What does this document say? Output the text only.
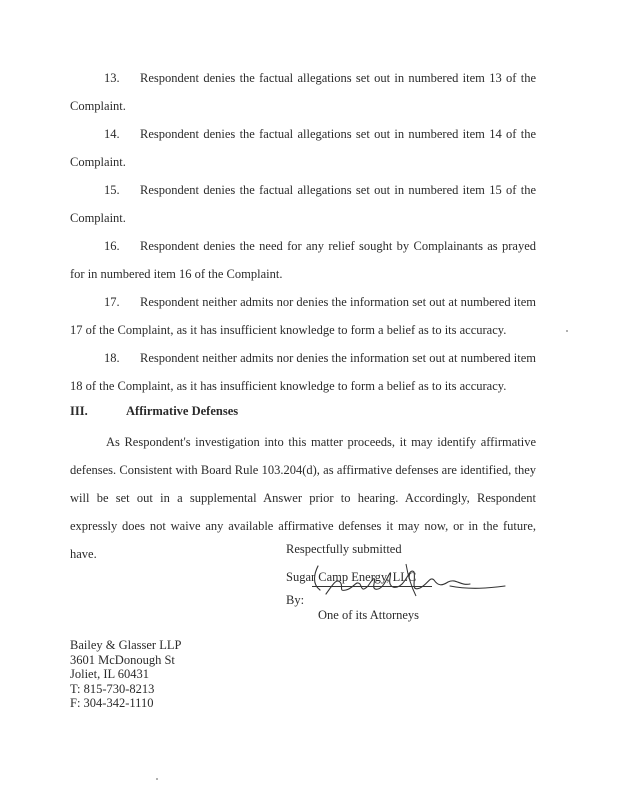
13. Respondent denies the factual allegations set out in numbered item 13 of the Complaint.

14. Respondent denies the factual allegations set out in numbered item 14 of the Complaint.

15. Respondent denies the factual allegations set out in numbered item 15 of the Complaint.

16. Respondent denies the need for any relief sought by Complainants as prayed for in numbered item 16 of the Complaint.

17. Respondent neither admits nor denies the information set out at numbered item 17 of the Complaint, as it has insufficient knowledge to form a belief as to its accuracy.

18. Respondent neither admits nor denies the information set out at numbered item 18 of the Complaint, as it has insufficient knowledge to form a belief as to its accuracy.

III.	Affirmative Defenses

As Respondent's investigation into this matter proceeds, it may identify affirmative defenses. Consistent with Board Rule 103.204(d), as affirmative defenses are identified, they will be set out in a supplemental Answer prior to hearing. Accordingly, Respondent expressly does not waive any available affirmative defenses it may now, or in the future, have.	Respectfully submitted
Sugar Camp Energy, LLC
By:
One of its Attorneys
Bailey & Glasser LLP
3601 McDonough St
Joliet, IL 60431
T: 815-730-8213
F: 304-342-1110
